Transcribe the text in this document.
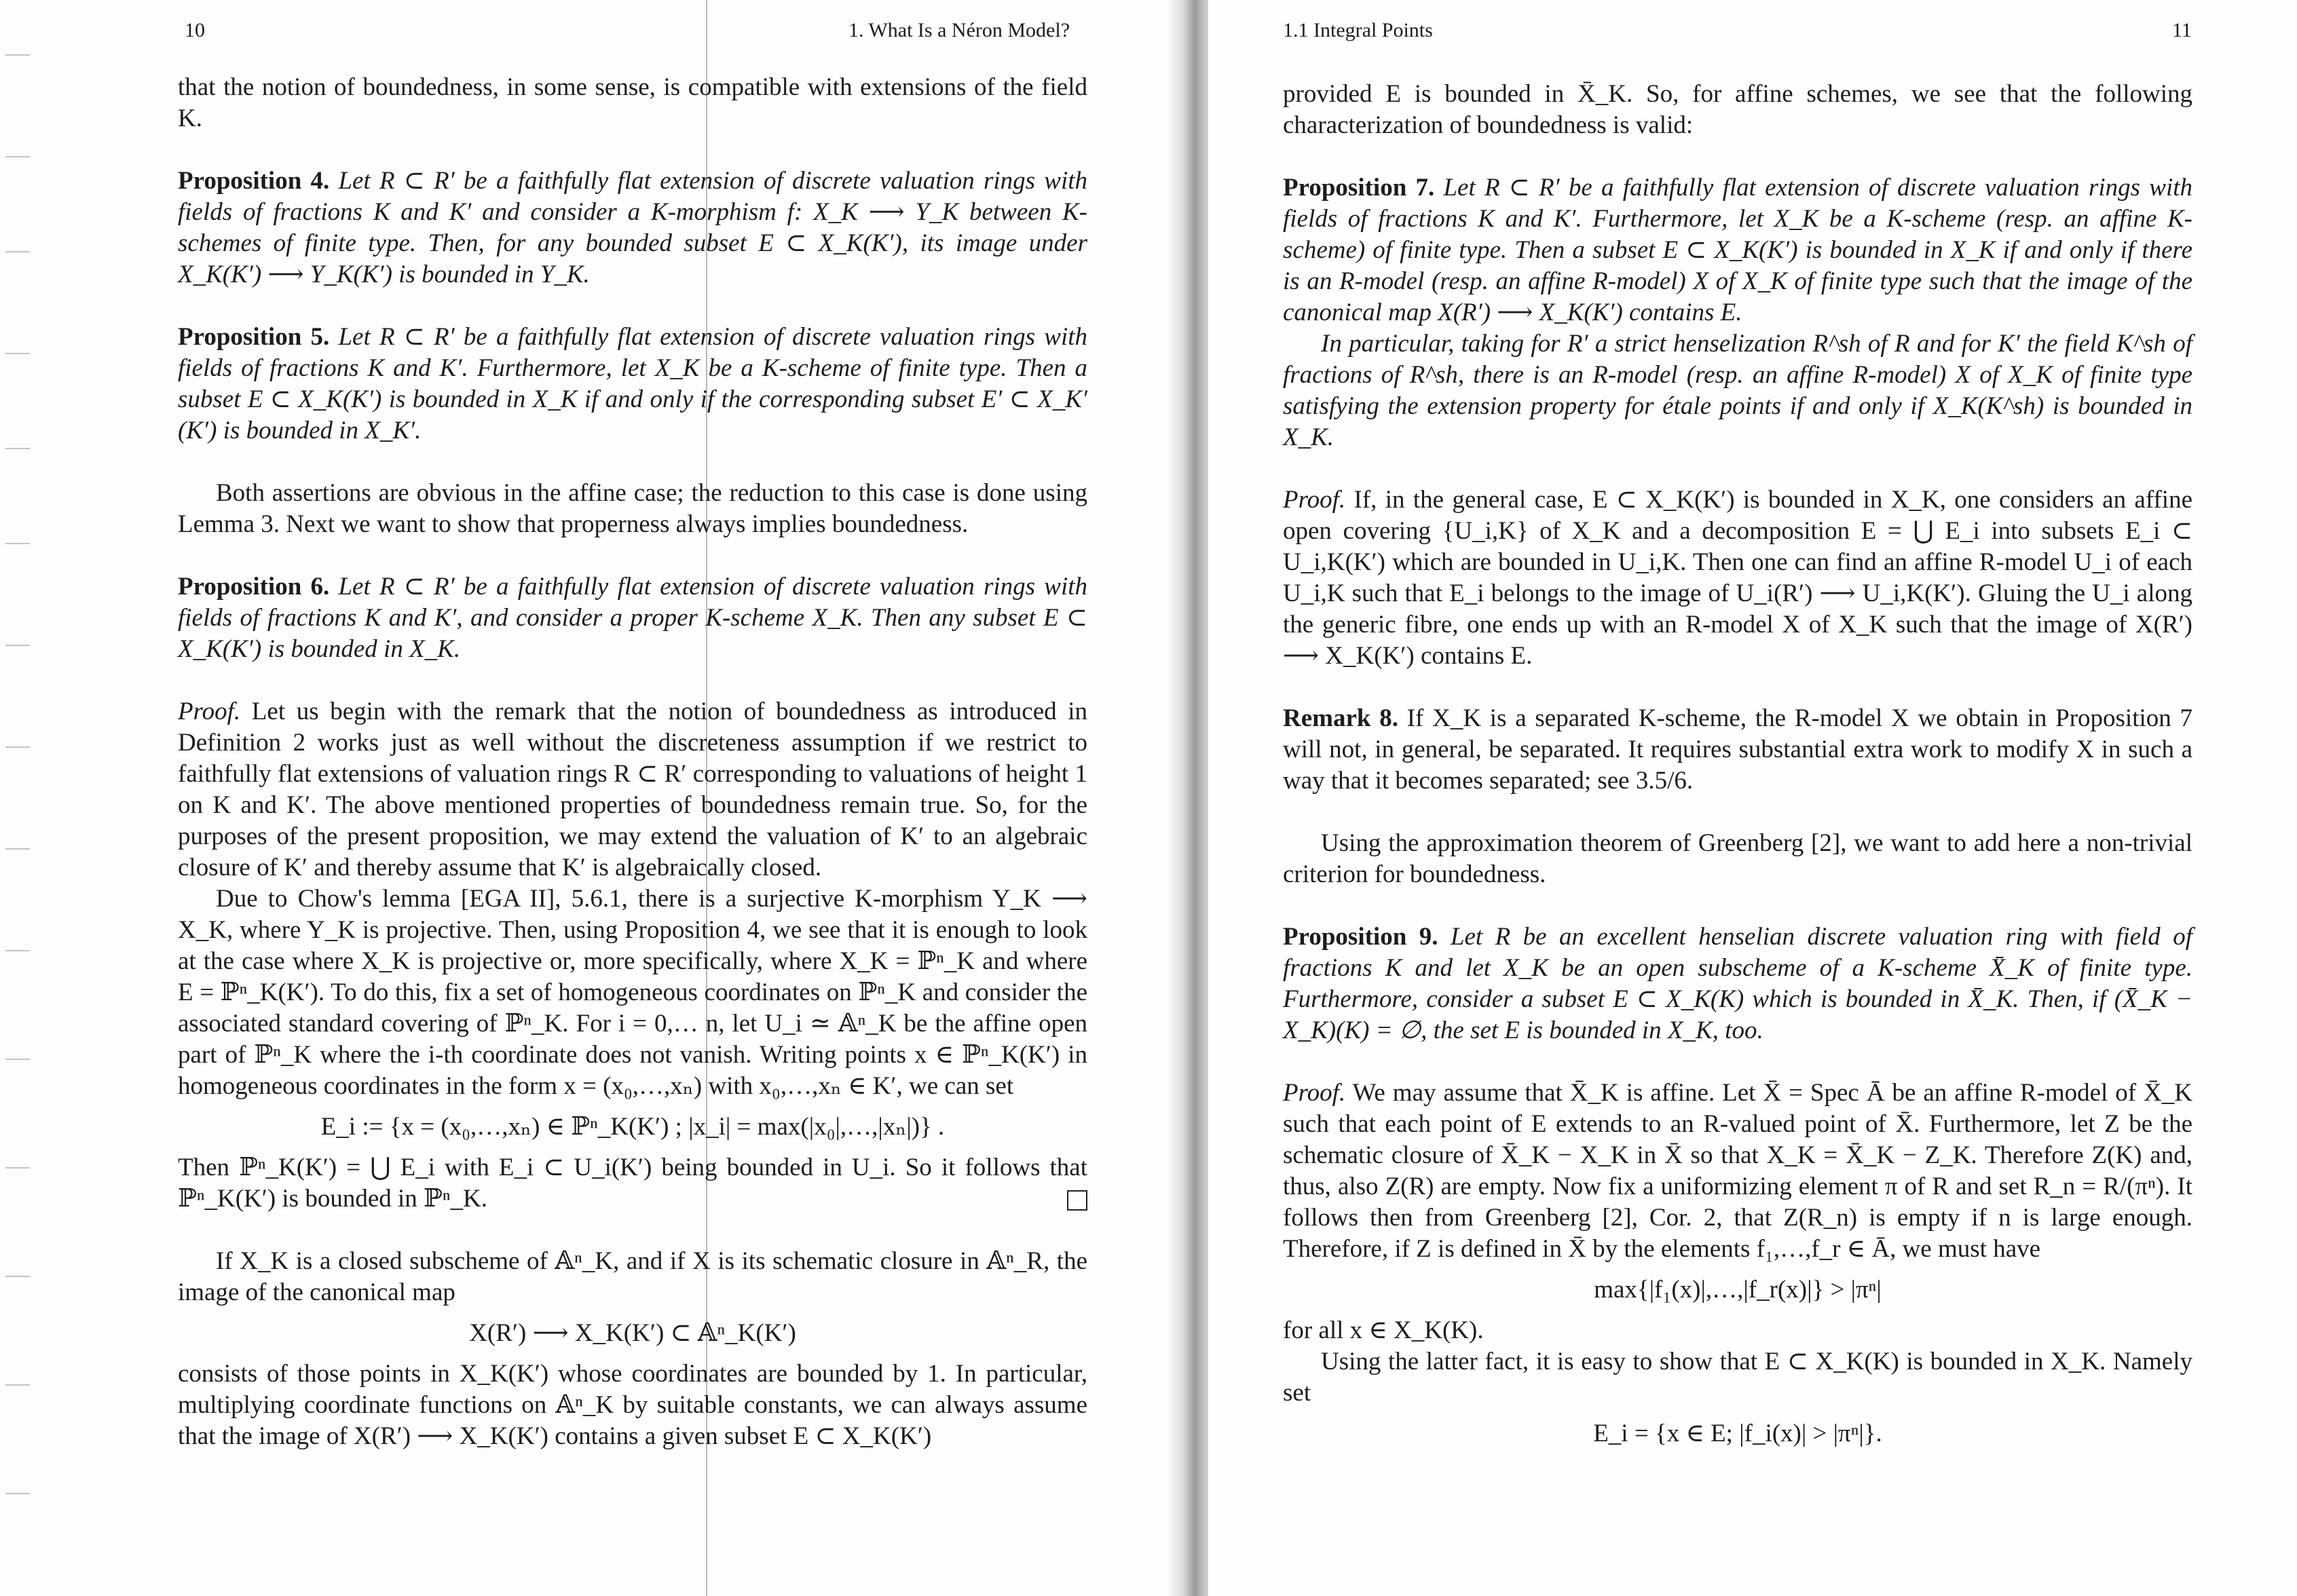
10	1. What Is a Néron Model?

that the notion of boundedness, in some sense, is compatible with extensions of the field K.

Proposition 4. Let R ⊂ R′ be a faithfully flat extension of discrete valuation rings with fields of fractions K and K′ and consider a K-morphism f: X_K ⟶ Y_K between K-schemes of finite type. Then, for any bounded subset E ⊂ X_K(K′), its image under X_K(K′) ⟶ Y_K(K′) is bounded in Y_K.

Proposition 5. Let R ⊂ R′ be a faithfully flat extension of discrete valuation rings with fields of fractions K and K′. Furthermore, let X_K be a K-scheme of finite type. Then a subset E ⊂ X_K(K′) is bounded in X_K if and only if the corresponding subset E′ ⊂ X_K′(K′) is bounded in X_K′.

Both assertions are obvious in the affine case; the reduction to this case is done using Lemma 3. Next we want to show that properness always implies boundedness.

Proposition 6. Let R ⊂ R′ be a faithfully flat extension of discrete valuation rings with fields of fractions K and K′, and consider a proper K-scheme X_K. Then any subset E ⊂ X_K(K′) is bounded in X_K.

Proof. Let us begin with the remark that the notion of boundedness as introduced in Definition 2 works just as well without the discreteness assumption if we restrict to faithfully flat extensions of valuation rings R ⊂ R′ corresponding to valuations of height 1 on K and K′. The above mentioned properties of boundedness remain true. So, for the purposes of the present proposition, we may extend the valuation of K′ to an algebraic closure of K′ and thereby assume that K′ is algebraically closed.

Due to Chow's lemma [EGA II], 5.6.1, there is a surjective K-morphism Y_K ⟶ X_K, where Y_K is projective. Then, using Proposition 4, we see that it is enough to look at the case where X_K is projective or, more specifically, where X_K = ℙⁿ_K and where E = ℙⁿ_K(K′). To do this, fix a set of homogeneous coordinates on ℙⁿ_K and consider the associated standard covering of ℙⁿ_K. For i = 0,… n, let U_i ≃ 𝔸ⁿ_K be the affine open part of ℙⁿ_K where the i-th coordinate does not vanish. Writing points x ∈ ℙⁿ_K(K′) in homogeneous coordinates in the form x = (x₀,…,xₙ) with x₀,…,xₙ ∈ K′, we can set

E_i := {x = (x₀,…,xₙ) ∈ ℙⁿ_K(K′) ; |x_i| = max(|x₀|,…,|xₙ|)} .

Then ℙⁿ_K(K′) = ⋃ E_i with E_i ⊂ U_i(K′) being bounded in U_i. So it follows that ℙⁿ_K(K′) is bounded in ℙⁿ_K.

If X_K is a closed subscheme of 𝔸ⁿ_K, and if X is its schematic closure in 𝔸ⁿ_R, the image of the canonical map

X(R′) ⟶ X_K(K′) ⊂ 𝔸ⁿ_K(K′)

consists of those points in X_K(K′) whose coordinates are bounded by 1. In particular, multiplying coordinate functions on 𝔸ⁿ_K by suitable constants, we can always assume that the image of X(R′) ⟶ X_K(K′) contains a given subset E ⊂ X_K(K′)

1.1 Integral Points	11

provided E is bounded in X̄_K. So, for affine schemes, we see that the following characterization of boundedness is valid:

Proposition 7. Let R ⊂ R′ be a faithfully flat extension of discrete valuation rings with fields of fractions K and K′. Furthermore, let X_K be a K-scheme (resp. an affine K-scheme) of finite type. Then a subset E ⊂ X_K(K′) is bounded in X_K if and only if there is an R-model (resp. an affine R-model) X of X_K of finite type such that the image of the canonical map X(R′) ⟶ X_K(K′) contains E.

In particular, taking for R′ a strict henselization R^sh of R and for K′ the field K^sh of fractions of R^sh, there is an R-model (resp. an affine R-model) X of X_K of finite type satisfying the extension property for étale points if and only if X_K(K^sh) is bounded in X_K.

Proof. If, in the general case, E ⊂ X_K(K′) is bounded in X_K, one considers an affine open covering {U_i,K} of X_K and a decomposition E = ⋃ E_i into subsets E_i ⊂ U_i,K(K′) which are bounded in U_i,K. Then one can find an affine R-model U_i of each U_i,K such that E_i belongs to the image of U_i(R′) ⟶ U_i,K(K′). Gluing the U_i along the generic fibre, one ends up with an R-model X of X_K such that the image of X(R′) ⟶ X_K(K′) contains E.

Remark 8. If X_K is a separated K-scheme, the R-model X we obtain in Proposition 7 will not, in general, be separated. It requires substantial extra work to modify X in such a way that it becomes separated; see 3.5/6.

Using the approximation theorem of Greenberg [2], we want to add here a non-trivial criterion for boundedness.

Proposition 9. Let R be an excellent henselian discrete valuation ring with field of fractions K and let X_K be an open subscheme of a K-scheme X̄_K of finite type. Furthermore, consider a subset E ⊂ X_K(K) which is bounded in X̄_K. Then, if (X̄_K − X_K)(K) = ∅, the set E is bounded in X_K, too.

Proof. We may assume that X̄_K is affine. Let X̄ = Spec Ā be an affine R-model of X̄_K such that each point of E extends to an R-valued point of X̄. Furthermore, let Z be the schematic closure of X̄_K − X_K in X̄ so that X_K = X̄_K − Z_K. Therefore Z(K) and, thus, also Z(R) are empty. Now fix a uniformizing element π of R and set R_n = R/(πⁿ). It follows then from Greenberg [2], Cor. 2, that Z(R_n) is empty if n is large enough. Therefore, if Z is defined in X̄ by the elements f₁,…,f_r ∈ Ā, we must have

max{|f₁(x)|,…,|f_r(x)|} > |πⁿ|

for all x ∈ X_K(K).

Using the latter fact, it is easy to show that E ⊂ X_K(K) is bounded in X_K. Namely set

E_i = {x ∈ E; |f_i(x)| > |πⁿ|}.
